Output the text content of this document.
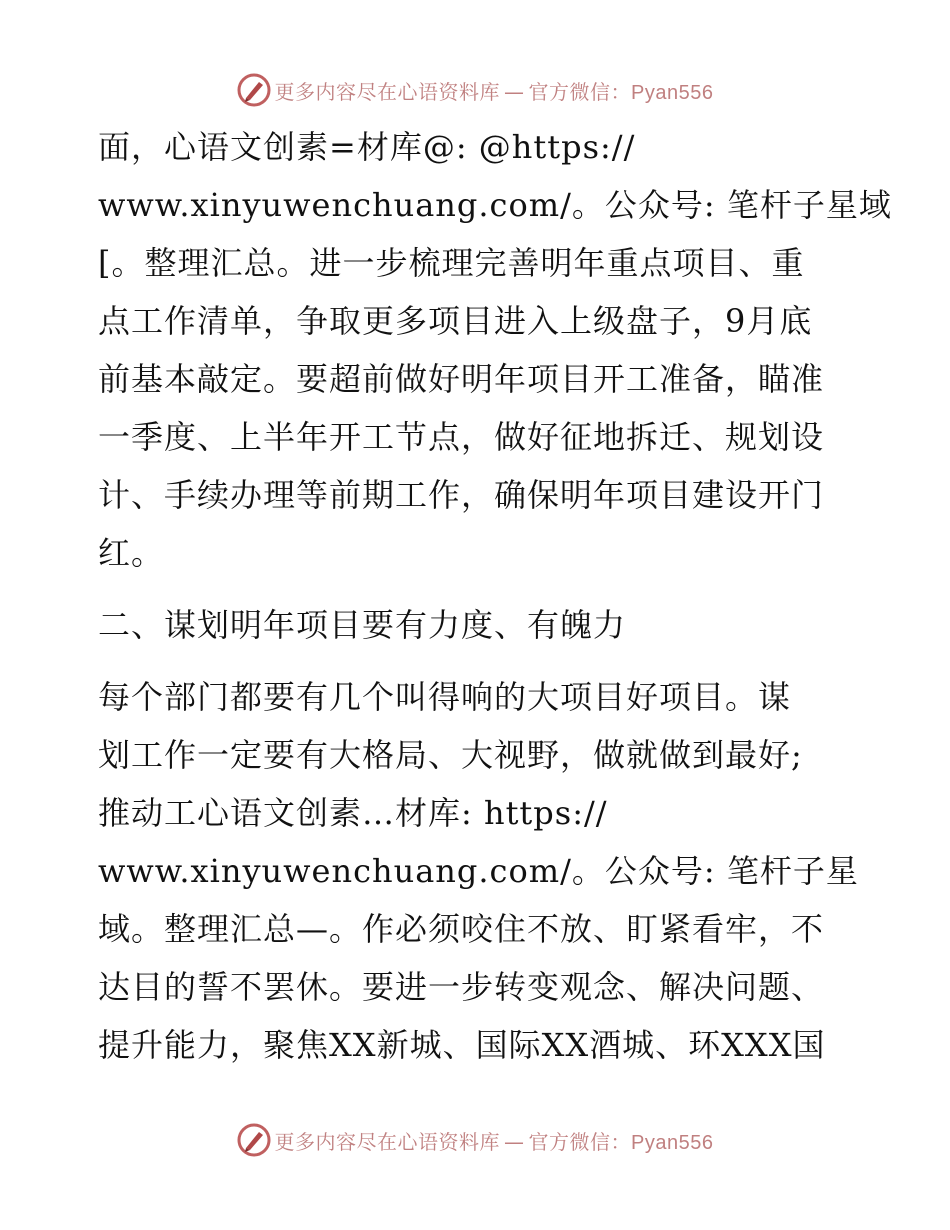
更多内容尽在心语资料库 — 官方微信：Pyan556
面，心语文创素=材库@: @https://
www.xinyuwenchuang.com/。公众号: 笔杆子星域
[。整理汇总。进一步梳理完善明年重点项目、重
点工作清单，争取更多项目进入上级盘子，9月底
前基本敲定。要超前做好明年项目开工准备，瞄准
一季度、上半年开工节点，做好征地拆迁、规划设
计、手续办理等前期工作，确保明年项目建设开门
红。
二、谋划明年项目要有力度、有魄力
每个部门都要有几个叫得响的大项目好项目。谋
划工作一定要有大格局、大视野，做就做到最好;
推动工心语文创素…材库: https://
www.xinyuwenchuang.com/。公众号: 笔杆子星
域。整理汇总—。作必须咬住不放、盯紧看牢，不
达目的誓不罢休。要进一步转变观念、解决问题、
提升能力，聚焦XX新城、国际XX酒城、环XXX国
更多内容尽在心语资料库 — 官方微信：Pyan556
